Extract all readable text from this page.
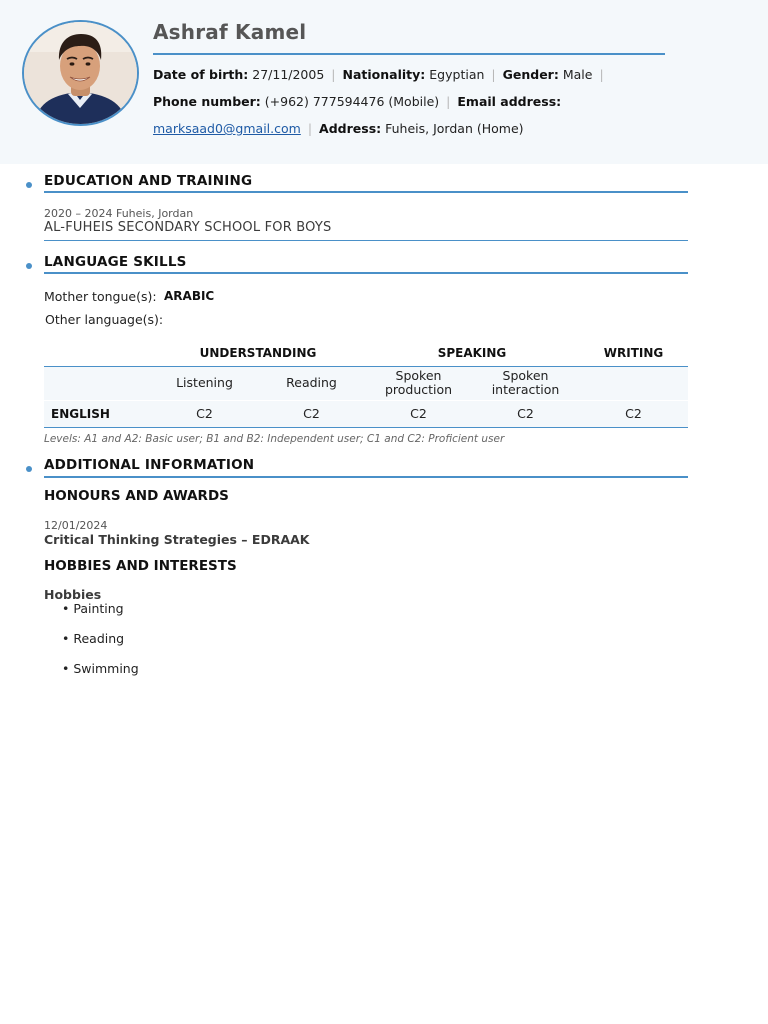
Ashraf Kamel
Date of birth: 27/11/2005 | Nationality: Egyptian | Gender: Male |
Phone number: (+962) 777594476 (Mobile) | Email address:
marksaad0@gmail.com | Address: Fuheis, Jordan (Home)
EDUCATION AND TRAINING
2020 – 2024 Fuheis, Jordan
AL-FUHEIS SECONDARY SCHOOL FOR BOYS
LANGUAGE SKILLS
Mother tongue(s): ARABIC
Other language(s):
	UNDERSTANDING		SPEAKING		WRITING
	Listening	Reading	Spoken production	Spoken interaction	
ENGLISH	C2	C2	C2	C2	C2
Levels: A1 and A2: Basic user; B1 and B2: Independent user; C1 and C2: Proficient user
ADDITIONAL INFORMATION
HONOURS AND AWARDS
12/01/2024
Critical Thinking Strategies – EDRAAK
HOBBIES AND INTERESTS
Hobbies
• Painting
• Reading
• Swimming
